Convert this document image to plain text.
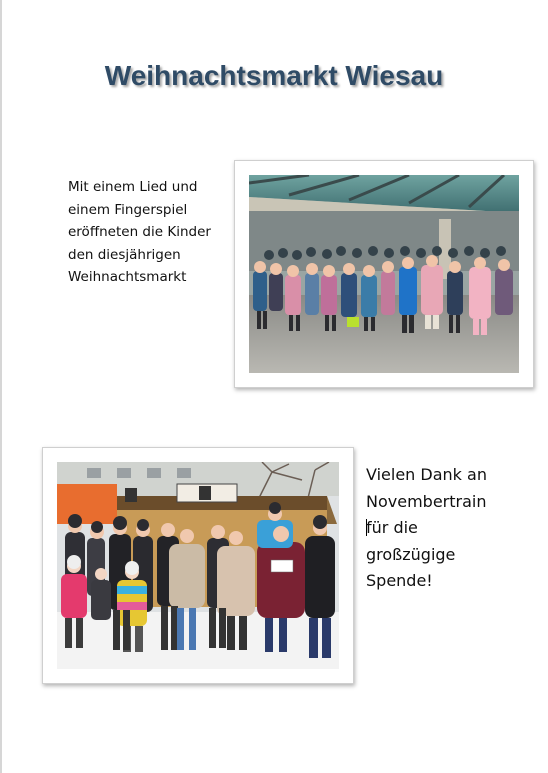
Weihnachtsmarkt Wiesau
Mit einem Lied und
einem Fingerspiel
eröffneten die Kinder
den diesjährigen
Weihnachtsmarkt
Vielen Dank an
Novembertrain
für die
großzügige
Spende!
